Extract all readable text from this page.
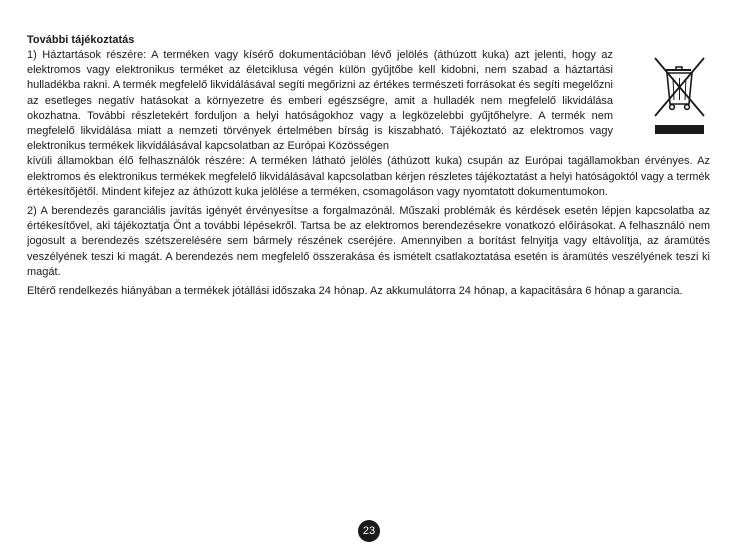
További tájékoztatás

1) Háztartások részére: A terméken vagy kísérő dokumentációban lévő jelölés (áthúzott kuka) azt jelenti, hogy az elektromos vagy elektronikus terméket az életciklusa végén külön gyűjtőbe kell kidobni, nem szabad a háztartási hulladékba rakni. A termék megfelelő likvidálásával segíti megőrizni az értékes természeti forrásokat és segíti megelőzni az esetleges negatív hatásokat a környezetre és emberi egészségre, amit a hulladék nem megfelelő likvidálása okozhatna. További részletekért forduljon a helyi hatóságokhoz vagy a legközelebbi gyűjtőhelyre. A termék nem megfelelő likvidálása miatt a nemzeti törvények értelmében bírság is kiszabható. Tájékoztató az elektromos vagy elektronikus termékek likvidálásával kapcsolatban az Európai Közösségen

kívüli államokban élő felhasználók részére: A terméken látható jelölés (áthúzott kuka) csupán az Európai tagállamokban érvényes. Az elektromos és elektronikus termékek megfelelő likvidálásával kapcsolatban kérjen részletes tájékoztatást a helyi hatóságoktól vagy a termék értékesítőjétől. Mindent kifejez az áthúzott kuka jelölése a terméken, csomagoláson vagy nyomtatott dokumentumokon.

2) A berendezés garanciális javítás igényét érvényesítse a forgalmazónál. Műszaki problémák és kérdések esetén lépjen kapcsolatba az értékesítővel, aki tájékoztatja Önt a további lépésekről. Tartsa be az elektromos berendezésekre vonatkozó előírásokat. A felhasználó nem jogosult a berendezés szétszerelésére sem bármely részének cseréjére. Amennyiben a borítást felnyitja vagy eltávolítja, az áramütés veszélyének teszi ki magát. A berendezés nem megfelelő összerakása és ismételt csatlakoztatása esetén is áramütés veszélyének teszi ki magát.

Eltérő rendelkezés hiányában a termékek jótállási időszaka 24 hónap. Az akkumulátorra 24 hónap, a kapacitására 6 hónap a garancia.

23
